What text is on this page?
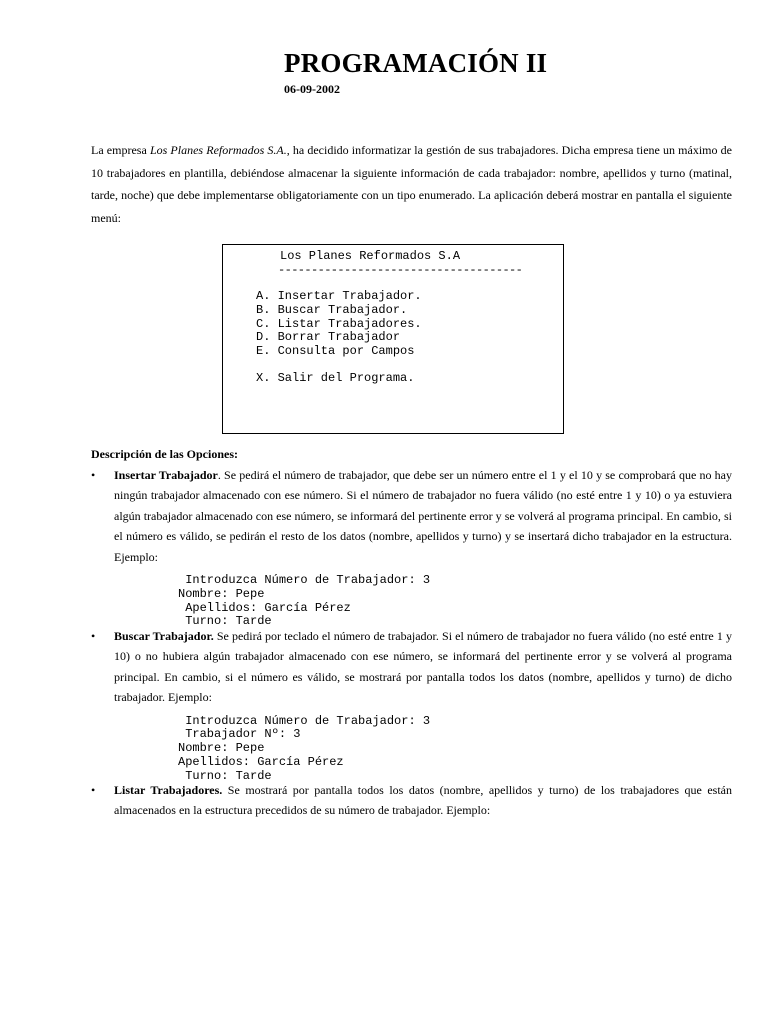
PROGRAMACIÓN II
06-09-2002

La empresa Los Planes Reformados S.A., ha decidido informatizar la gestión de sus trabajadores. Dicha empresa tiene un máximo de 10 trabajadores en plantilla, debiéndose almacenar la siguiente información de cada trabajador: nombre, apellidos y turno (matinal, tarde, noche) que debe implementarse obligatoriamente con un tipo enumerado. La aplicación deberá mostrar en pantalla el siguiente menú:

Los Planes Reformados S.A
-------------------------------------
A. Insertar Trabajador.
B. Buscar Trabajador.
C. Listar Trabajadores.
D. Borrar Trabajador
E. Consulta por Campos
X. Salir del Programa.
Descripción de las Opciones:
• Insertar Trabajador. Se pedirá el número de trabajador, que debe ser un número entre el 1 y el 10 y se comprobará que no hay ningún trabajador almacenado con ese número. Si el número de trabajador no fuera válido (no esté entre 1 y 10) o ya estuviera algún trabajador almacenado con ese número, se informará del pertinente error y se volverá al programa principal. En cambio, si el número es válido, se pedirán el resto de los datos (nombre, apellidos y turno) y se insertará dicho trabajador en la estructura. Ejemplo:

Introduzca Número de Trabajador: 3
Nombre: Pepe
Apellidos: García Pérez
Turno: Tarde
• Buscar Trabajador. Se pedirá por teclado el número de trabajador. Si el número de trabajador no fuera válido (no esté entre 1 y 10) o no hubiera algún trabajador almacenado con ese número, se informará del pertinente error y se volverá al programa principal. En cambio, si el número es válido, se mostrará por pantalla todos los datos (nombre, apellidos y turno) de dicho trabajador. Ejemplo:

Introduzca Número de Trabajador: 3
Trabajador Nº: 3
Nombre: Pepe
Apellidos: García Pérez
Turno: Tarde
• Listar Trabajadores. Se mostrará por pantalla todos los datos (nombre, apellidos y turno) de los trabajadores que están almacenados en la estructura precedidos de su número de trabajador. Ejemplo:
